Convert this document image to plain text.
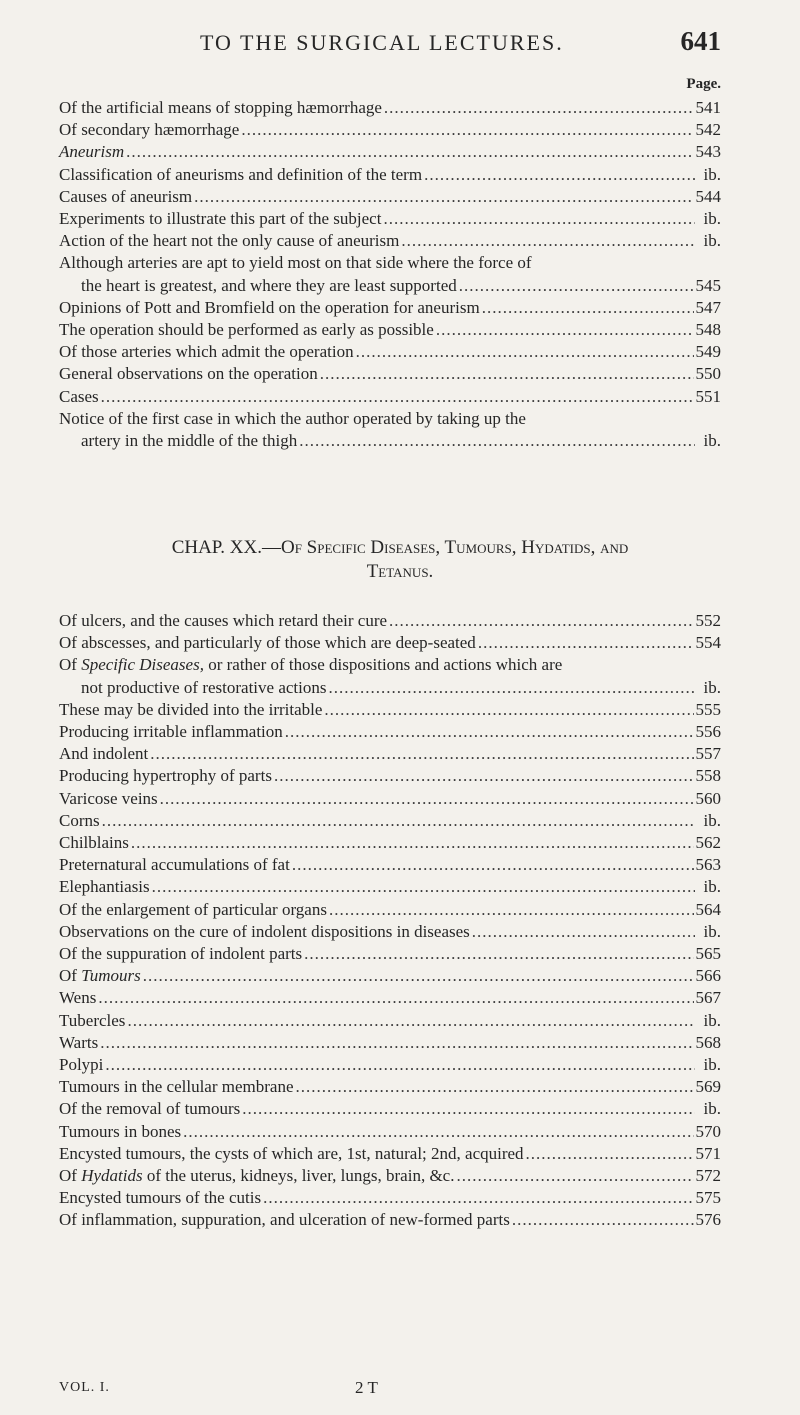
TO THE SURGICAL LECTURES.	641
Page.
Of the artificial means of stopping hæmorrhage .....	541
Of secondary hæmorrhage .....	542
Aneurism .....	543
Classification of aneurisms and definition of the term .....	ib.
Causes of aneurism .....	544
Experiments to illustrate this part of the subject .....	ib.
Action of the heart not the only cause of aneurism .....	ib.
Although arteries are apt to yield most on that side where the force of
the heart is greatest, and where they are least supported .....	545
Opinions of Pott and Bromfield on the operation for aneurism .....	547
The operation should be performed as early as possible .....	548
Of those arteries which admit the operation .....	549
General observations on the operation .....	550
Cases .....	551
Notice of the first case in which the author operated by taking up the
artery in the middle of the thigh .....	ib.
CHAP. XX.—Of Specific Diseases, Tumours, Hydatids, and
Tetanus.
Of ulcers, and the causes which retard their cure .....	552
Of abscesses, and particularly of those which are deep-seated .....	554
Of Specific Diseases, or rather of those dispositions and actions which are
not productive of restorative actions .....	ib.
These may be divided into the irritable .....	555
Producing irritable inflammation .....	556
And indolent .....	557
Producing hypertrophy of parts .....	558
Varicose veins .....	560
Corns .....	ib.
Chilblains .....	562
Preternatural accumulations of fat .....	563
Elephantiasis .....	ib.
Of the enlargement of particular organs .....	564
Observations on the cure of indolent dispositions in diseases .....	ib.
Of the suppuration of indolent parts .....	565
Of Tumours .....	566
Wens .....	567
Tubercles .....	ib.
Warts .....	568
Polypi .....	ib.
Tumours in the cellular membrane .....	569
Of the removal of tumours .....	ib.
Tumours in bones .....	570
Encysted tumours, the cysts of which are, 1st, natural; 2nd, acquired .....	571
Of Hydatids of the uterus, kidneys, liver, lungs, brain, &c. .....	572
Encysted tumours of the cutis .....	575
Of inflammation, suppuration, and ulceration of new-formed parts .....	576
VOL. I.	2 T
